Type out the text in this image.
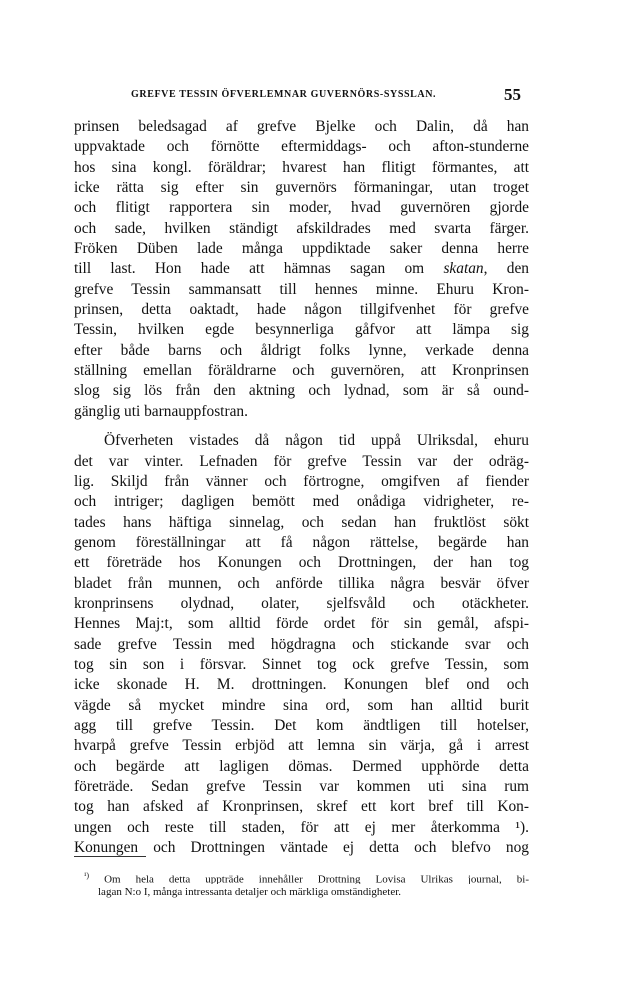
GREFVE TESSIN ÖFVERLEMNAR GUVERNÖRS-SYSSLAN.	55
prinsen beledsagad af grefve Bjelke och Dalin, då han
uppvaktade och förnötte eftermiddags- och afton-stunderne
hos sina kongl. föräldrar; hvarest han flitigt förmantes, att
icke rätta sig efter sin guvernörs förmaningar, utan troget
och flitigt rapportera sin moder, hvad guvernören gjorde
och sade, hvilken ständigt afskildrades med svarta färger.
Fröken Düben lade många uppdiktade saker denna herre
till last. Hon hade att hämnas sagan om skatan, den
grefve Tessin sammansatt till hennes minne. Ehuru Kron-
prinsen, detta oaktadt, hade någon tillgifvenhet för grefve
Tessin, hvilken egde besynnerliga gåfvor att lämpa sig
efter både barns och åldrigt folks lynne, verkade denna
ställning emellan föräldrarne och guvernören, att Kronprinsen
slog sig lös från den aktning och lydnad, som är så ound-
gänglig uti barnauppfostran.
Öfverheten vistades då någon tid uppå Ulriksdal, ehuru
det var vinter. Lefnaden för grefve Tessin var der odräg-
lig. Skiljd från vänner och förtrogne, omgifven af fiender
och intriger; dagligen bemött med onådiga vidrigheter, re-
tades hans häftiga sinnelag, och sedan han fruktlöst sökt
genom föreställningar att få någon rättelse, begärde han
ett företräde hos Konungen och Drottningen, der han tog
bladet från munnen, och anförde tillika några besvär öfver
kronprinsens olydnad, olater, sjelfsvåld och otäckheter.
Hennes Maj:t, som alltid förde ordet för sin gemål, afspi-
sade grefve Tessin med högdragna och stickande svar och
tog sin son i försvar. Sinnet tog ock grefve Tessin, som
icke skonade H. M. drottningen. Konungen blef ond och
vägde så mycket mindre sina ord, som han alltid burit
agg till grefve Tessin. Det kom ändtligen till hotelser,
hvarpå grefve Tessin erbjöd att lemna sin värja, gå i arrest
och begärde att lagligen dömas. Dermed upphörde detta
företräde. Sedan grefve Tessin var kommen uti sina rum
tog han afsked af Kronprinsen, skref ett kort bref till Kon-
ungen och reste till staden, för att ej mer återkomma ¹).
Konungen och Drottningen väntade ej detta och blefvo nog
$^{^1)}$ Om hela detta uppträde innehåller Drottning Lovisa Ulrikas journal, bi-
lagan N:o I, många intressanta detaljer och märkliga omständigheter.
